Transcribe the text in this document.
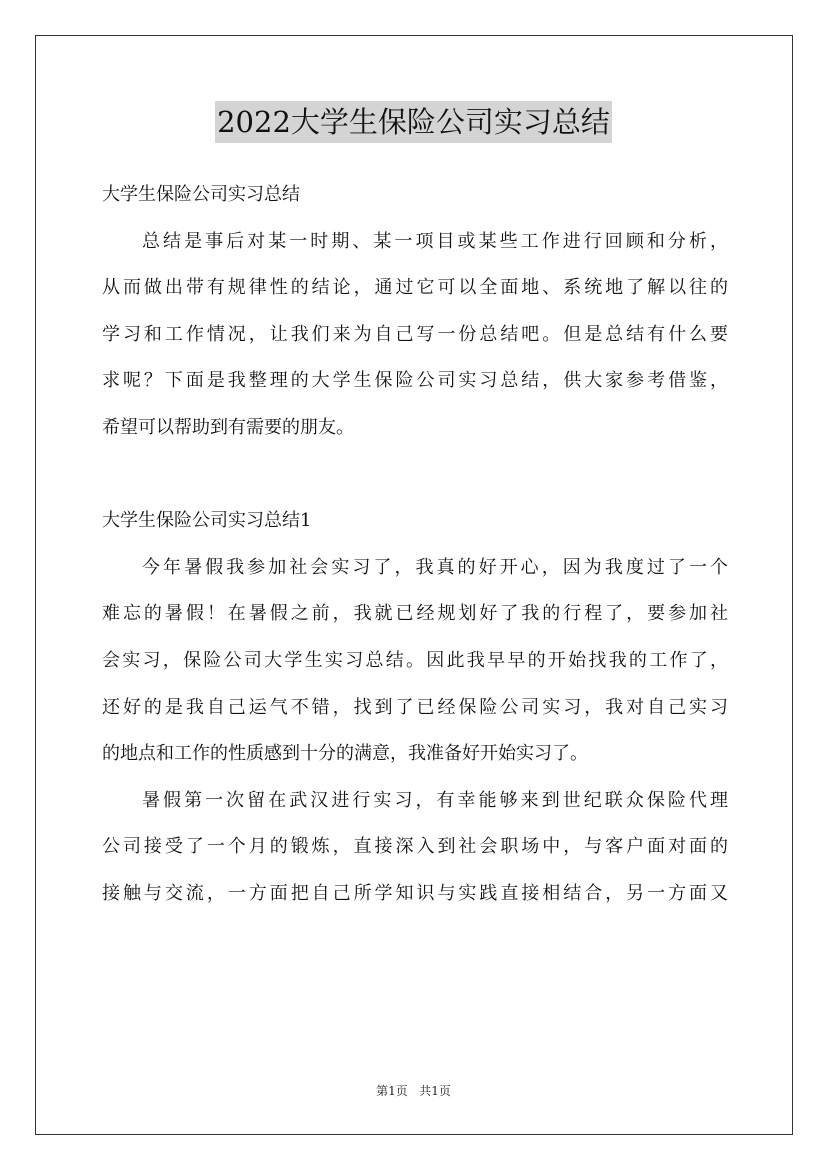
2022大学生保险公司实习总结
大学生保险公司实习总结
总结是事后对某一时期、某一项目或某些工作进行回顾和分析，
从而做出带有规律性的结论，通过它可以全面地、系统地了解以往的
学习和工作情况，让我们来为自己写一份总结吧。但是总结有什么要
求呢？下面是我整理的大学生保险公司实习总结，供大家参考借鉴，
希望可以帮助到有需要的朋友。
大学生保险公司实习总结1
今年暑假我参加社会实习了，我真的好开心，因为我度过了一个
难忘的暑假！在暑假之前，我就已经规划好了我的行程了，要参加社
会实习，保险公司大学生实习总结。因此我早早的开始找我的工作了，
还好的是我自己运气不错，找到了已经保险公司实习，我对自己实习
的地点和工作的性质感到十分的满意，我准备好开始实习了。
暑假第一次留在武汉进行实习，有幸能够来到世纪联众保险代理
公司接受了一个月的锻炼，直接深入到社会职场中，与客户面对面的
接触与交流，一方面把自己所学知识与实践直接相结合，另一方面又
第1页 共1页
